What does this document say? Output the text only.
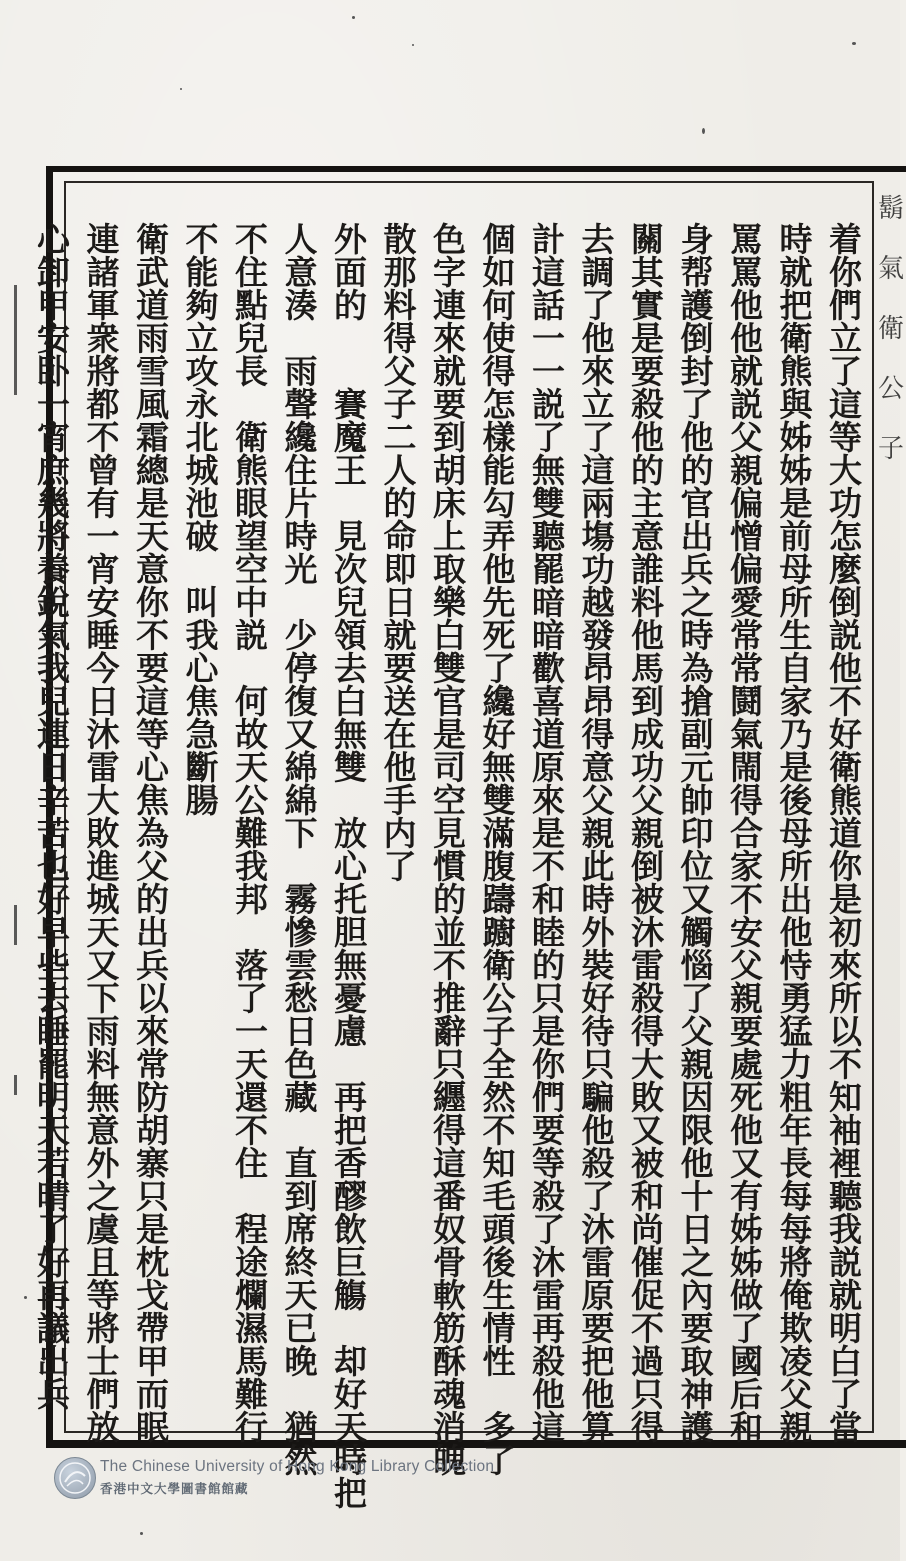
鬍
氣
衛
公
子
着你們立了這等大功怎麼倒説他不好衛熊道你是初來所以不知袖裡聽我説就明白了當
時就把衛熊與姊姊是前母所生自家乃是後母所出他恃勇猛力粗年長每每將俺欺凌父親
罵罵他他就説父親偏憎偏愛常常鬪氣閙得合家不安父親要處死他又有姊姊做了國后和
身帮護倒封了他的官出兵之時為搶副元帥印位又觸惱了父親因限他十日之內要取神護
關其實是要殺他的主意誰料他馬到成功父親倒被沐雷殺得大敗又被和尚催促不過只得
去調了他來立了這兩塲功越發昂昂得意父親此時外裝好待只騙他殺了沐雷原要把他算
計這話一一説了無雙聽罷暗暗歡喜道原來是不和睦的只是你們要等殺了沐雷再殺他這
個如何使得怎樣能勾弄他先死了纔好無雙滿腹躊躕衛公子全然不知毛頭後生情性　多了
色字連來就要到胡床上取樂白雙官是司空見慣的並不推辭只纒得這番奴骨軟筋酥魂消魄
散那料得父子二人的命即日就要送在他手内了
外面的　　賽魔王　見次兒領去白無雙　放心托胆無憂慮　再把香醪飲巨觴　却好天時把
人意湊　雨聲纔住片時光　少停復又綿綿下　霧慘雲愁日色藏　直到席終天已晚　猶然
不住點兒長　衛熊眼望空中説　何故天公難我邦　落了一天還不住　程途爛濕馬難行
不能夠立攻永北城池破　叫我心焦急斷腸
衛武道雨雪風霜總是天意你不要這等心焦為父的出兵以來常防胡寨只是枕戈帶甲而眠
連諸軍衆將都不曾有一宵安睡今日沐雷大敗進城天又下雨料無意外之虞且等將士們放
心卸甲安卧一宵庶幾將養銳氣我兒連日辛苦也好早些去睡罷明天若晴了好再議出兵
The Chinese University of Hong Kong Library Collection
香港中文大學圖書館館藏
